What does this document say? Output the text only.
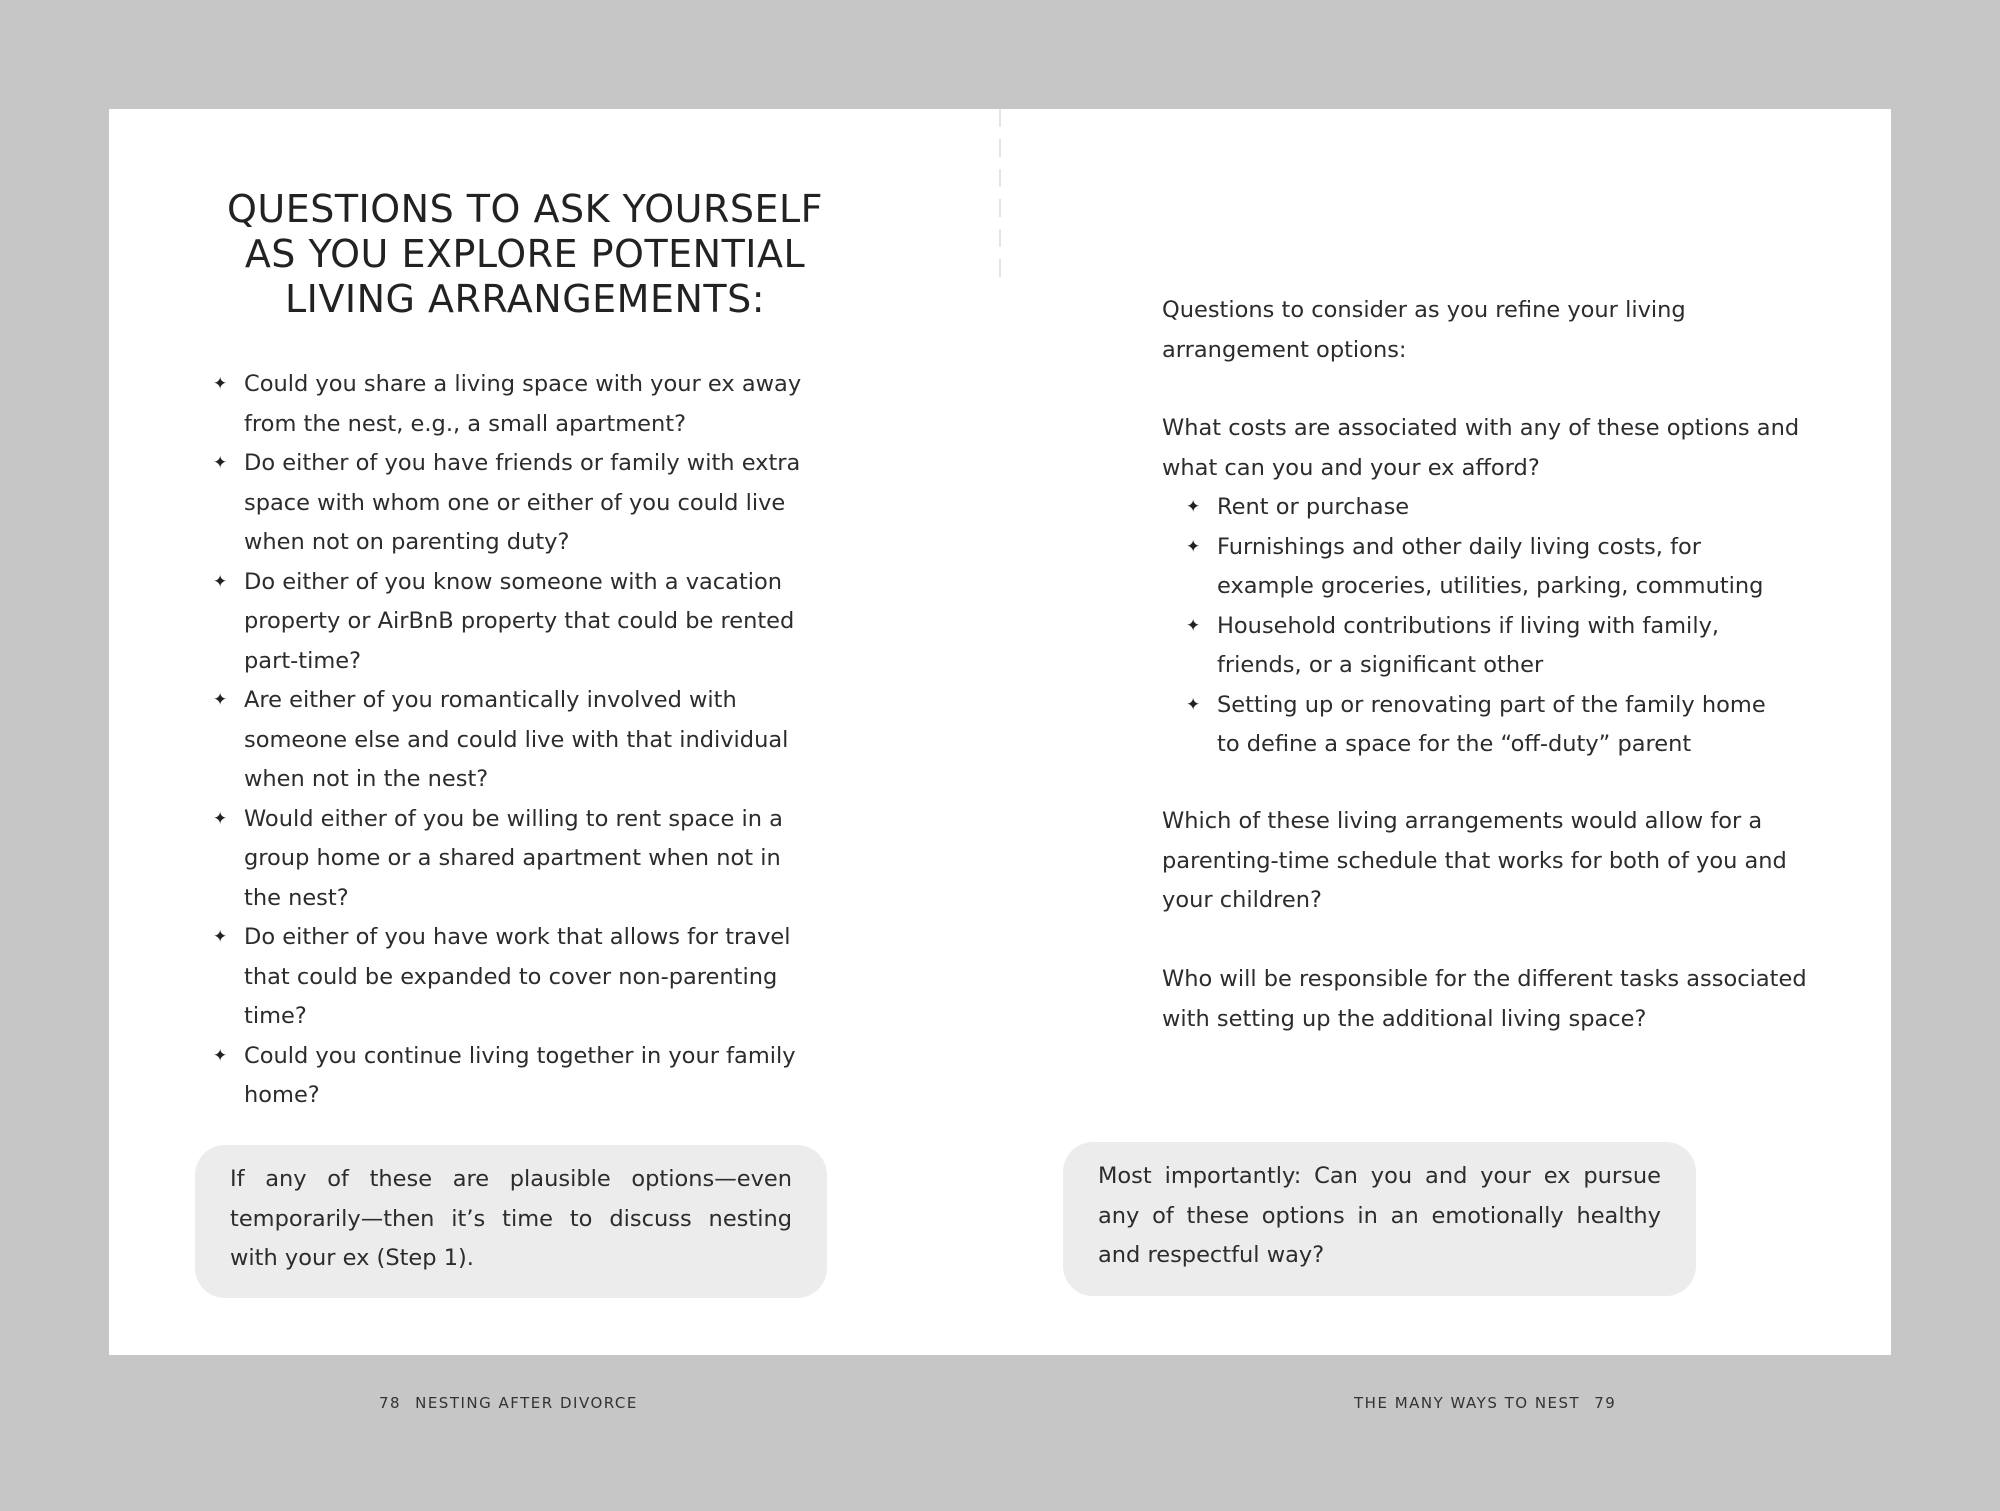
QUESTIONS TO ASK YOURSELF
AS YOU EXPLORE POTENTIAL
LIVING ARRANGEMENTS:
✦ Could you share a living space with your ex away from the nest, e.g., a small apartment?
✦ Do either of you have friends or family with extra space with whom one or either of you could live when not on parenting duty?
✦ Do either of you know someone with a vacation property or AirBnB property that could be rented part-time?
✦ Are either of you romantically involved with someone else and could live with that individual when not in the nest?
✦ Would either of you be willing to rent space in a group home or a shared apartment when not in the nest?
✦ Do either of you have work that allows for travel that could be expanded to cover non-parenting time?
✦ Could you continue living together in your family home?
If any of these are plausible options—even temporarily—then it’s time to discuss nesting with your ex (Step 1).

Questions to consider as you refine your living arrangement options:

What costs are associated with any of these options and what can you and your ex afford?

✦ Rent or purchase
✦ Furnishings and other daily living costs, for example groceries, utilities, parking, commuting
✦ Household contributions if living with family, friends, or a significant other
✦ Setting up or renovating part of the family home to define a space for the “off-duty” parent

Which of these living arrangements would allow for a parenting-time schedule that works for both of you and your children?

Who will be responsible for the different tasks associated with setting up the additional living space?

Most importantly: Can you and your ex pursue any of these options in an emotionally healthy and respectful way?
78 NESTING AFTER DIVORCE	THE MANY WAYS TO NEST 79
